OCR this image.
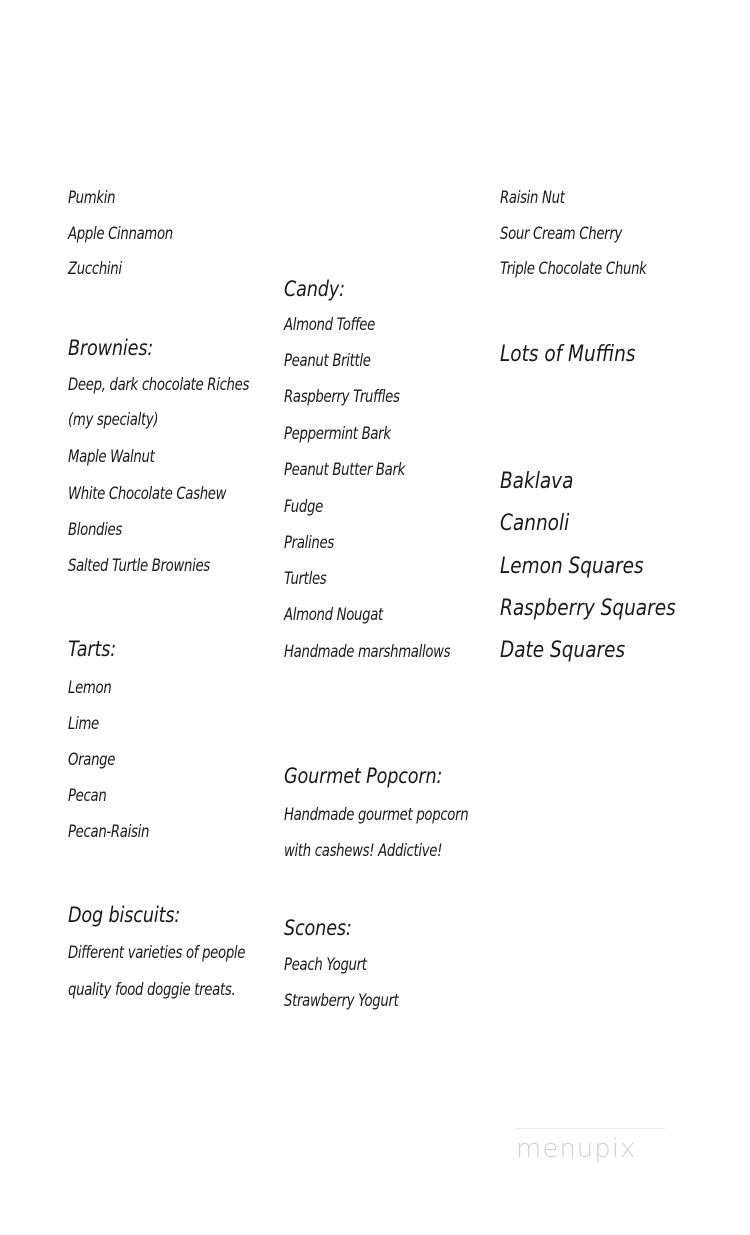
Pumkin
Apple Cinnamon
Zucchini
Brownies:
Deep, dark chocolate Riches
(my specialty)
Maple Walnut
White Chocolate Cashew
Blondies
Salted Turtle Brownies
Tarts:
Lemon
Lime
Orange
Pecan
Pecan-Raisin
Dog biscuits:
Different varieties of people
quality food doggie treats.
Candy:
Almond Toffee
Peanut Brittle
Raspberry Truffles
Peppermint Bark
Peanut Butter Bark
Fudge
Pralines
Turtles
Almond Nougat
Handmade marshmallows
Gourmet Popcorn:
Handmade gourmet popcorn
with cashews! Addictive!
Scones:
Peach Yogurt
Strawberry Yogurt
Raisin Nut
Sour Cream Cherry
Triple Chocolate Chunk
Lots of Muffins
Baklava
Cannoli
Lemon Squares
Raspberry Squares
Date Squares
menupix
